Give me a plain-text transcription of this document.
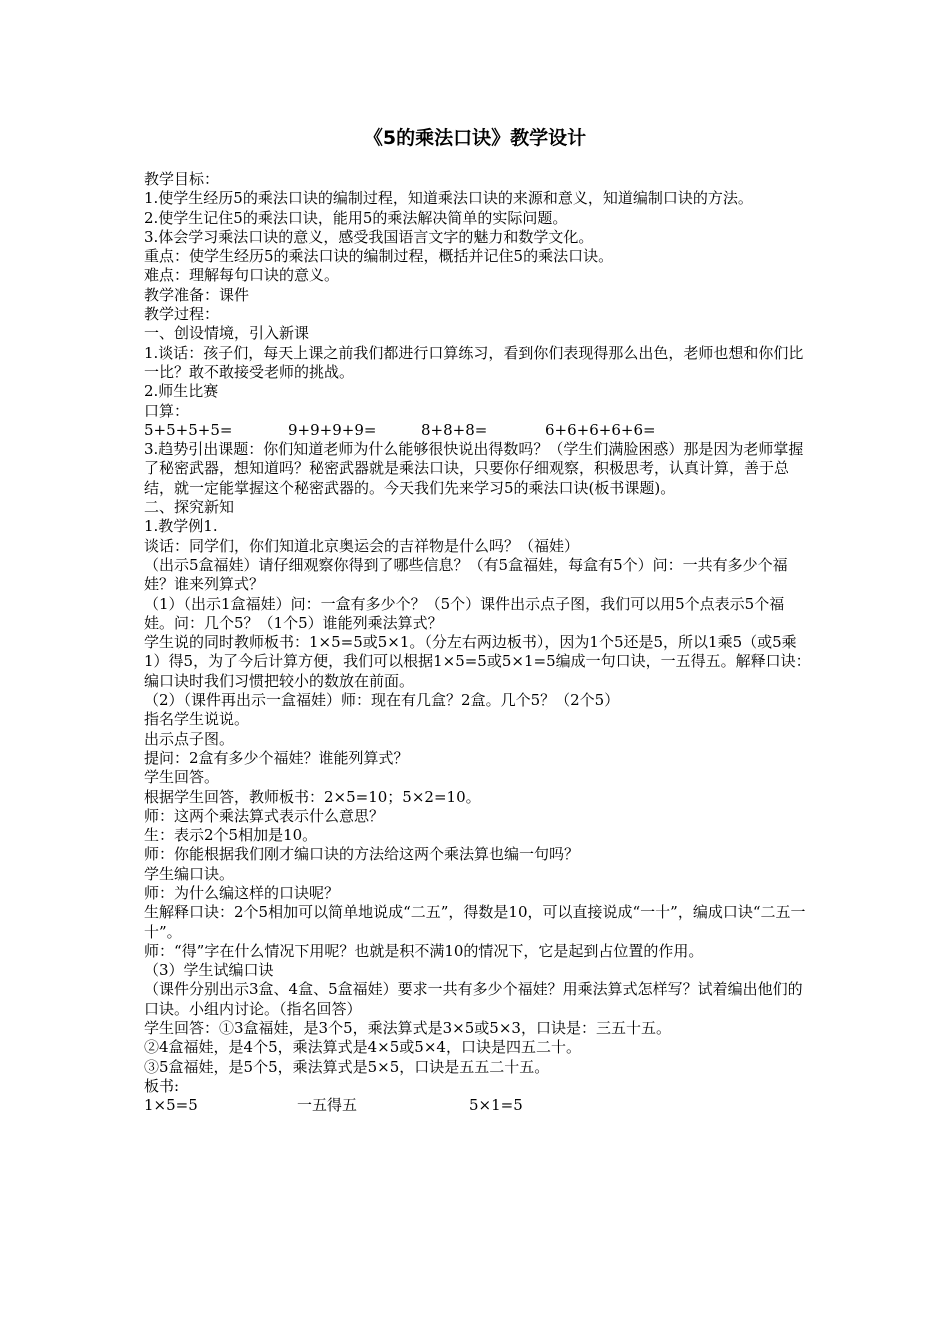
《5的乘法口诀》教学设计

教学目标：

1.使学生经历5的乘法口诀的编制过程，知道乘法口诀的来源和意义，知道编制口诀的方法。

2.使学生记住5的乘法口诀，能用5的乘法解决简单的实际问题。

3.体会学习乘法口诀的意义，感受我国语言文字的魅力和数学文化。

重点：使学生经历5的乘法口诀的编制过程，概括并记住5的乘法口诀。

难点：理解每句口诀的意义。

教学准备：课件

教学过程：

一、创设情境，引入新课

1.谈话：孩子们，每天上课之前我们都进行口算练习，看到你们表现得那么出色，老师也想和你们比一比？敢不敢接受老师的挑战。

2.师生比赛

口算：

5+5+5+5=	9+9+9+9=	8+8+8=	6+6+6+6+6=

3.趋势引出课题：你们知道老师为什么能够很快说出得数吗？（学生们满脸困惑）那是因为老师掌握了秘密武器，想知道吗？秘密武器就是乘法口诀，只要你仔细观察，积极思考，认真计算，善于总结，就一定能掌握这个秘密武器的。今天我们先来学习5的乘法口诀(板书课题)。

二、探究新知

1.教学例1.

谈话：同学们，你们知道北京奥运会的吉祥物是什么吗？（福娃）

（出示5盒福娃）请仔细观察你得到了哪些信息？（有5盒福娃，每盒有5个）问：一共有多少个福娃？谁来列算式？

（1）（出示1盒福娃）问：一盒有多少个？（5个）课件出示点子图，我们可以用5个点表示5个福娃。问：几个5？（1个5）谁能列乘法算式？

学生说的同时教师板书：1×5=5或5×1。（分左右两边板书），因为1个5还是5，所以1乘5（或5乘1）得5，为了今后计算方便，我们可以根据1×5=5或5×1=5编成一句口诀，一五得五。解释口诀：编口诀时我们习惯把较小的数放在前面。

（2）（课件再出示一盒福娃）师：现在有几盒？2盒。几个5？（2个5）

指名学生说说。

出示点子图。

提问：2盒有多少个福娃？谁能列算式？

学生回答。

根据学生回答，教师板书：2×5=10；5×2=10。

师：这两个乘法算式表示什么意思？

生：表示2个5相加是10。

师：你能根据我们刚才编口诀的方法给这两个乘法算也编一句吗？

学生编口诀。

师：为什么编这样的口诀呢？

生解释口诀：2个5相加可以简单地说成“二五”，得数是10，可以直接说成“一十”，编成口诀“二五一十”。

师：“得”字在什么情况下用呢？也就是积不满10的情况下，它是起到占位置的作用。

（3）学生试编口诀

（课件分别出示3盒、4盒、5盒福娃）要求一共有多少个福娃？用乘法算式怎样写？试着编出他们的口诀。小组内讨论。（指名回答）

学生回答：①3盒福娃，是3个5，乘法算式是3×5或5×3，口诀是：三五十五。

②4盒福娃，是4个5，乘法算式是4×5或5×4，口诀是四五二十。

③5盒福娃，是5个5，乘法算式是5×5，口诀是五五二十五。

板书:

1×5=5	一五得五	5×1=5
